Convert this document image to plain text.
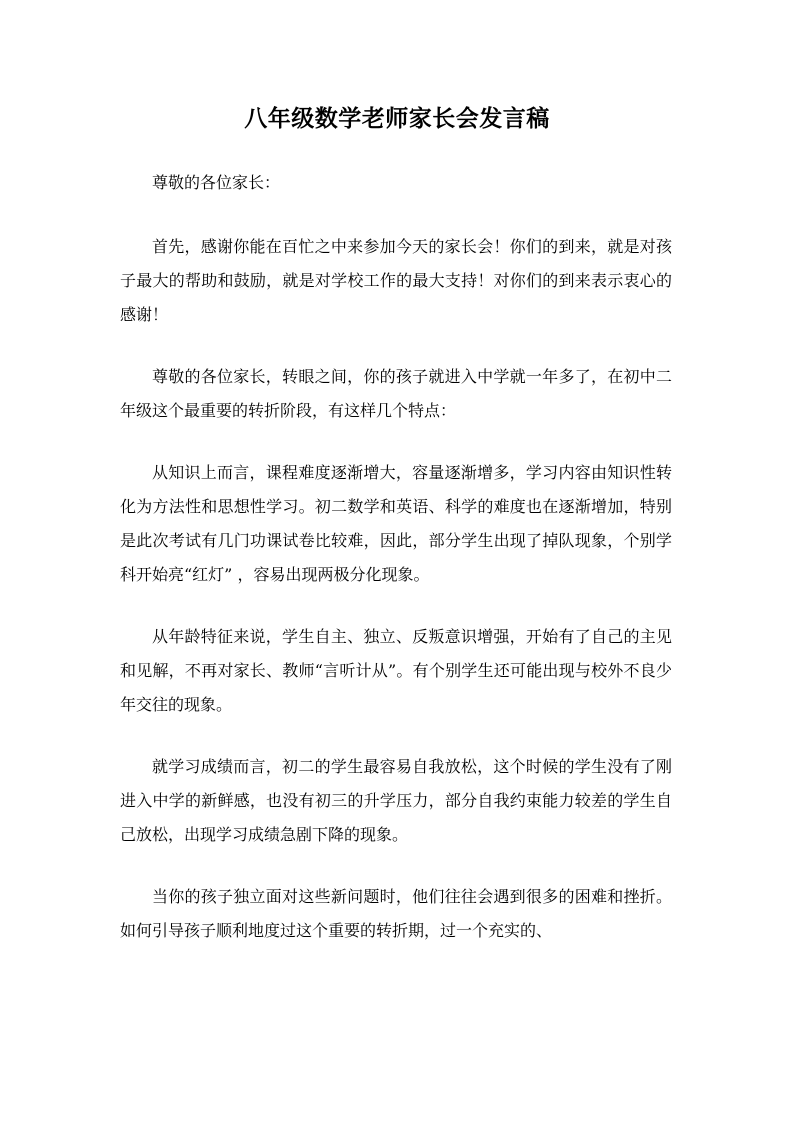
八年级数学老师家长会发言稿

尊敬的各位家长：

首先，感谢你能在百忙之中来参加今天的家长会！你们的到来，就是对孩子最大的帮助和鼓励，就是对学校工作的最大支持！对你们的到来表示衷心的感谢！

尊敬的各位家长，转眼之间，你的孩子就进入中学就一年多了，在初中二年级这个最重要的转折阶段，有这样几个特点：

从知识上而言，课程难度逐渐增大，容量逐渐增多，学习内容由知识性转化为方法性和思想性学习。初二数学和英语、科学的难度也在逐渐增加，特别是此次考试有几门功课试卷比较难，因此，部分学生出现了掉队现象，个别学科开始亮“红灯” ，容易出现两极分化现象。

从年龄特征来说，学生自主、独立、反叛意识增强，开始有了自己的主见和见解，不再对家长、教师“言听计从”。有个别学生还可能出现与校外不良少年交往的现象。

就学习成绩而言，初二的学生最容易自我放松，这个时候的学生没有了刚进入中学的新鲜感，也没有初三的升学压力，部分自我约束能力较差的学生自己放松，出现学习成绩急剧下降的现象。

当你的孩子独立面对这些新问题时，他们往往会遇到很多的困难和挫折。 如何引导孩子顺利地度过这个重要的转折期，过一个充实的、
